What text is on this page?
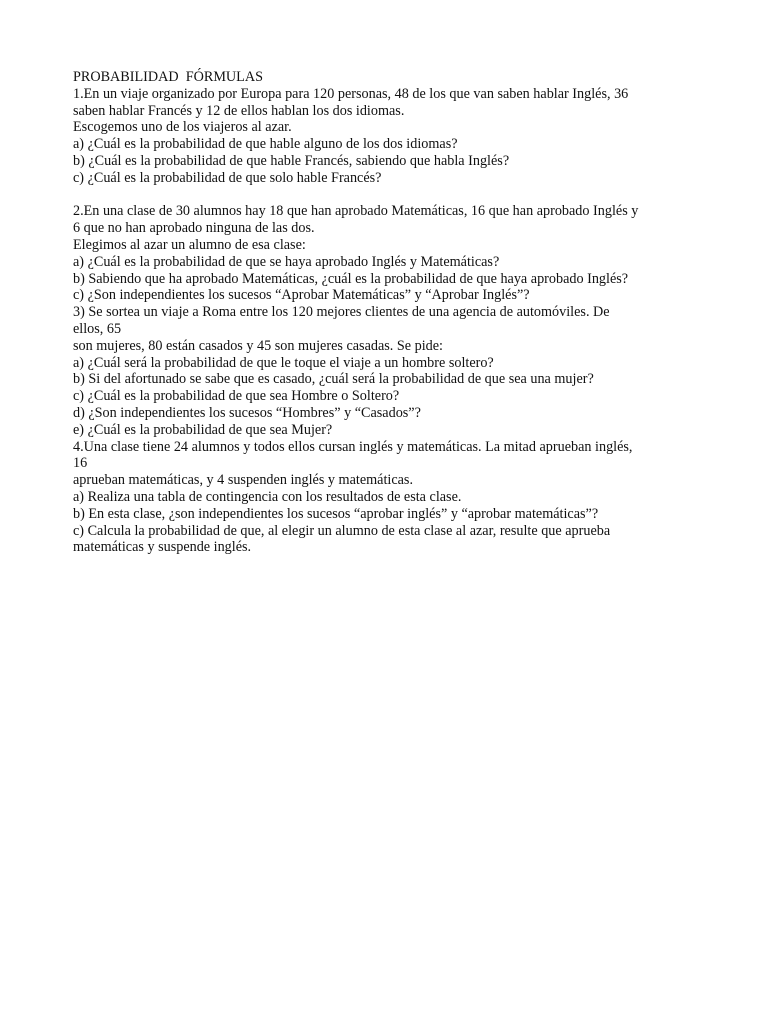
PROBABILIDAD  FÓRMULAS
1.En un viaje organizado por Europa para 120 personas, 48 de los que van saben hablar Inglés, 36
saben hablar Francés y 12 de ellos hablan los dos idiomas.
Escogemos uno de los viajeros al azar.
a) ¿Cuál es la probabilidad de que hable alguno de los dos idiomas?
b) ¿Cuál es la probabilidad de que hable Francés, sabiendo que habla Inglés?
c) ¿Cuál es la probabilidad de que solo hable Francés?
2.En una clase de 30 alumnos hay 18 que han aprobado Matemáticas, 16 que han aprobado Inglés y
6 que no han aprobado ninguna de las dos.
Elegimos al azar un alumno de esa clase:
a) ¿Cuál es la probabilidad de que se haya aprobado Inglés y Matemáticas?
b) Sabiendo que ha aprobado Matemáticas, ¿cuál es la probabilidad de que haya aprobado Inglés?
c) ¿Son independientes los sucesos “Aprobar Matemáticas” y “Aprobar Inglés”?
3) Se sortea un viaje a Roma entre los 120 mejores clientes de una agencia de automóviles. De
ellos, 65
son mujeres, 80 están casados y 45 son mujeres casadas. Se pide:
a) ¿Cuál será la probabilidad de que le toque el viaje a un hombre soltero?
b) Si del afortunado se sabe que es casado, ¿cuál será la probabilidad de que sea una mujer?
c) ¿Cuál es la probabilidad de que sea Hombre o Soltero?
d) ¿Son independientes los sucesos “Hombres” y “Casados”?
e) ¿Cuál es la probabilidad de que sea Mujer?
4.Una clase tiene 24 alumnos y todos ellos cursan inglés y matemáticas. La mitad aprueban inglés,
16
aprueban matemáticas, y 4 suspenden inglés y matemáticas.
a) Realiza una tabla de contingencia con los resultados de esta clase.
b) En esta clase, ¿son independientes los sucesos “aprobar inglés” y “aprobar matemáticas”?
c) Calcula la probabilidad de que, al elegir un alumno de esta clase al azar, resulte que aprueba
matemáticas y suspende inglés.
